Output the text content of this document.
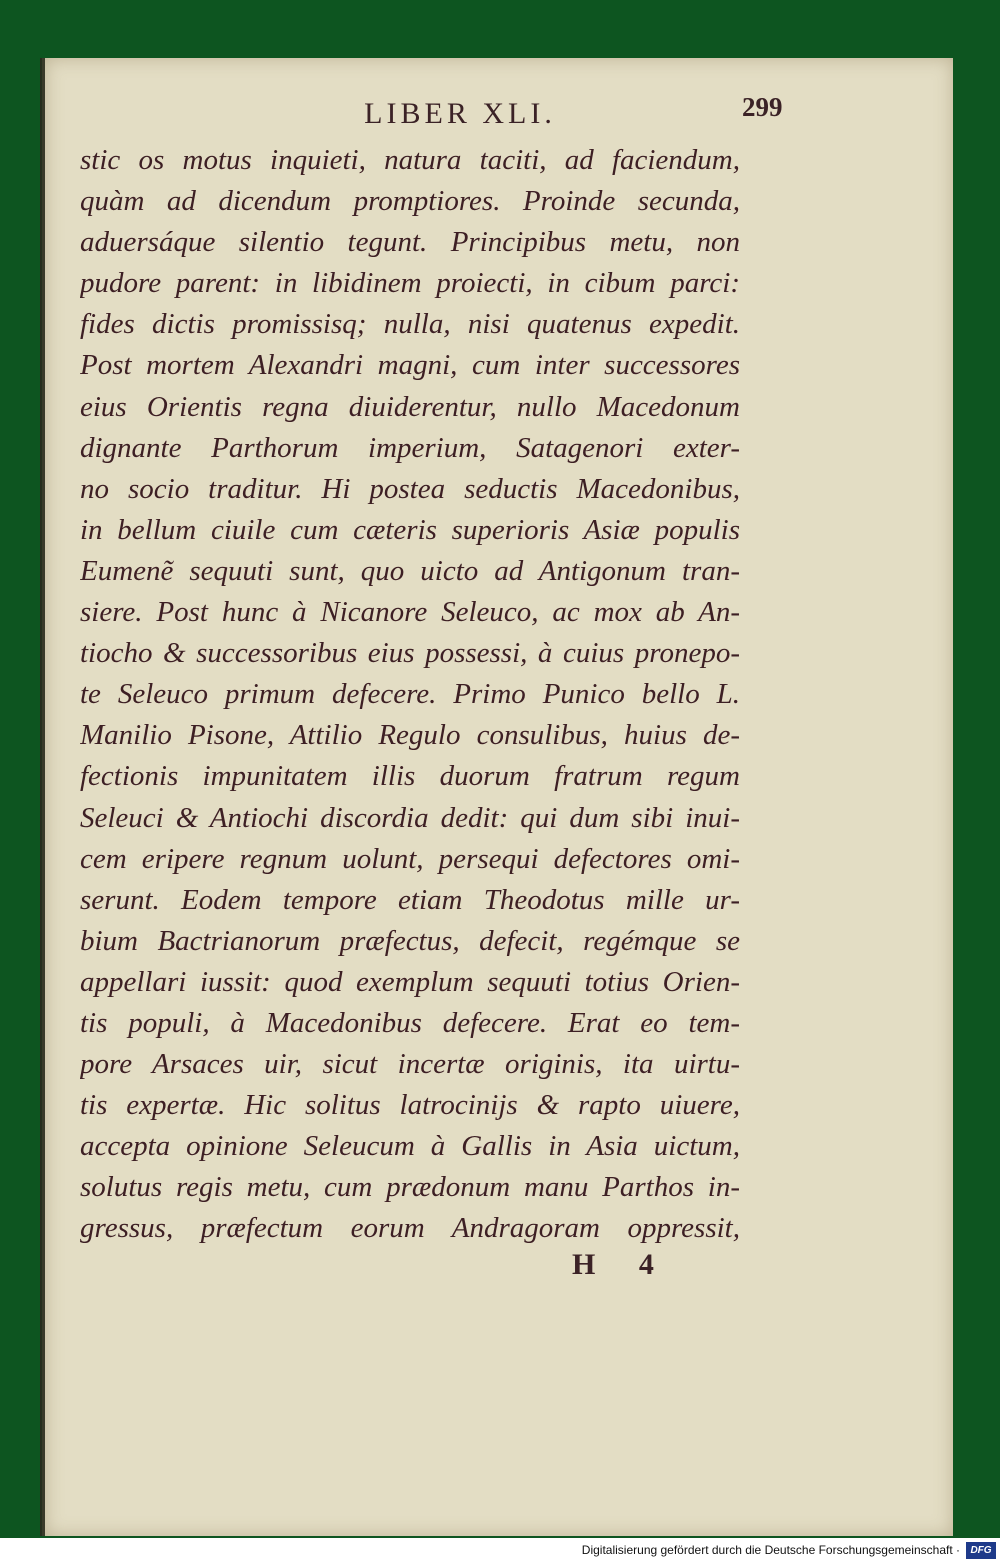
LIBER XLI.	299
stic os motus inquieti, natura taciti, ad faciendum,
quàm ad dicendum promptiores. Proinde secunda,
aduersáque silentio tegunt. Principibus metu, non
pudore parent: in libidinem proiecti, in cibum parci:
fides dictis promissisq; nulla, nisi quatenus expedit.
Post mortem Alexandri magni, cum inter successores
eius Orientis regna diuiderentur, nullo Macedonum
dignante Parthorum imperium, Satagenori exter-
no socio traditur. Hi postea seductis Macedonibus,
in bellum ciuile cum cæteris superioris Asiæ populis
Eumenẽ sequuti sunt, quo uicto ad Antigonum tran-
siere. Post hunc à Nicanore Seleuco, ac mox ab An-
tiocho & successoribus eius possessi, à cuius pronepo-
te Seleuco primum defecere. Primo Punico bello L.
Manilio Pisone, Attilio Regulo consulibus, huius de-
fectionis impunitatem illis duorum fratrum regum
Seleuci & Antiochi discordia dedit: qui dum sibi inui-
cem eripere regnum uolunt, persequi defectores omi-
serunt. Eodem tempore etiam Theodotus mille ur-
bium Bactrianorum præfectus, defecit, regémque se
appellari iussit: quod exemplum sequuti totius Orien-
tis populi, à Macedonibus defecere. Erat eo tem-
pore Arsaces uir, sicut incertæ originis, ita uirtu-
tis expertæ. Hic solitus latrocinijs & rapto uiuere,
accepta opinione Seleucum à Gallis in Asia uictum,
solutus regis metu, cum prædonum manu Parthos in-
gressus, præfectum eorum Andragoram oppressit,
H 4
Digitalisierung gefördert durch die Deutsche Forschungsgemeinschaft ·	DFG
